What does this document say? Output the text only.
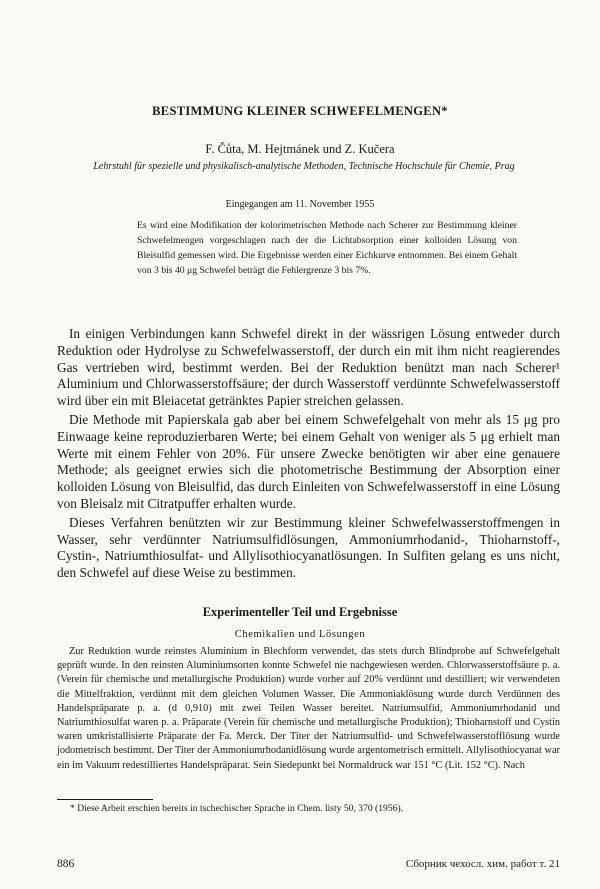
BESTIMMUNG KLEINER SCHWEFELMENGEN*
F. Čůta, M. Hejtmánek und Z. Kučera
Lehrstuhl für spezielle und physikalisch-analytische Methoden, Technische Hochschule für Chemie, Prag
Eingegangen am 11. November 1955
Es wird eine Modifikation der kolorimetrischen Methode nach Scherer zur Bestimmung kleiner Schwefelmengen vorgeschlagen nach der die Lichtabsorption einer kolloiden Lösung von Bleisulfid gemessen wird. Die Ergebnisse werden einer Eichkurve entnommen. Bei einem Gehalt von 3 bis 40 μg Schwefel beträgt die Fehlergrenze 3 bis 7%.

In einigen Verbindungen kann Schwefel direkt in der wässrigen Lösung entweder durch Reduktion oder Hydrolyse zu Schwefelwasserstoff, der durch ein mit ihm nicht reagierendes Gas vertrieben wird, bestimmt werden. Bei der Reduktion benützt man nach Scherer¹ Aluminium und Chlorwasserstoffsäure; der durch Wasserstoff verdünnte Schwefelwasserstoff wird über ein mit Bleiacetat getränktes Papier streichen gelassen.

Die Methode mit Papierskala gab aber bei einem Schwefelgehalt von mehr als 15 μg pro Einwaage keine reproduzierbaren Werte; bei einem Gehalt von weniger als 5 μg erhielt man Werte mit einem Fehler von 20%. Für unsere Zwecke benötigten wir aber eine genauere Methode; als geeignet erwies sich die photometrische Bestimmung der Absorption einer kolloiden Lösung von Bleisulfid, das durch Einleiten von Schwefelwasserstoff in eine Lösung von Bleisalz mit Citratpuffer erhalten wurde.

Dieses Verfahren benützten wir zur Bestimmung kleiner Schwefelwasserstoffmengen in Wasser, sehr verdünnter Natriumsulfidlösungen, Ammoniumrhodanid-, Thioharnstoff-, Cystin-, Natriumthiosulfat- und Allylisothiocyanatlösungen. In Sulfiten gelang es uns nicht, den Schwefel auf diese Weise zu bestimmen.

Experimenteller Teil und Ergebnisse
Chemikalien und Lösungen

Zur Reduktion wurde reinstes Aluminium in Blechform verwendet, das stets durch Blindprobe auf Schwefelgehalt geprüft wurde. In den reinsten Aluminiumsorten konnte Schwefel nie nachgewiesen werden. Chlorwasserstoffsäure p. a. (Verein für chemische und metallurgische Produktion) wurde vorher auf 20% verdünnt und destilliert; wir verwendeten die Mittelfraktion, verdünnt mit dem gleichen Volumen Wasser. Die Ammoniaklösung wurde durch Verdünnen des Handelspräparate p. a. (d 0,910) mit zwei Teilen Wasser bereitet. Natriumsulfid, Ammoniumrhodanid und Natriumthiosulfat waren p. a. Präparate (Verein für chemische und metallurgische Produktion); Thioharnstoff und Cystin waren umkristallisierte Präparate der Fa. Merck. Der Titer der Natriumsulfid- und Schwefelwasserstofflösung wurde jodometrisch bestimmt. Der Titer der Ammoniumrhodanidlösung wurde argentometrisch ermittelt. Allylisothiocyanat war ein im Vakuum redestilliertes Handelspräparat. Sein Siedepunkt bei Normaldruck war 151 °C (Lit. 152 °C). Nach

* Diese Arbeit erschien bereits in tschechischer Sprache in Chem. listy 50, 370 (1956).
886	Сборник чехосл. хим. работ т. 21
